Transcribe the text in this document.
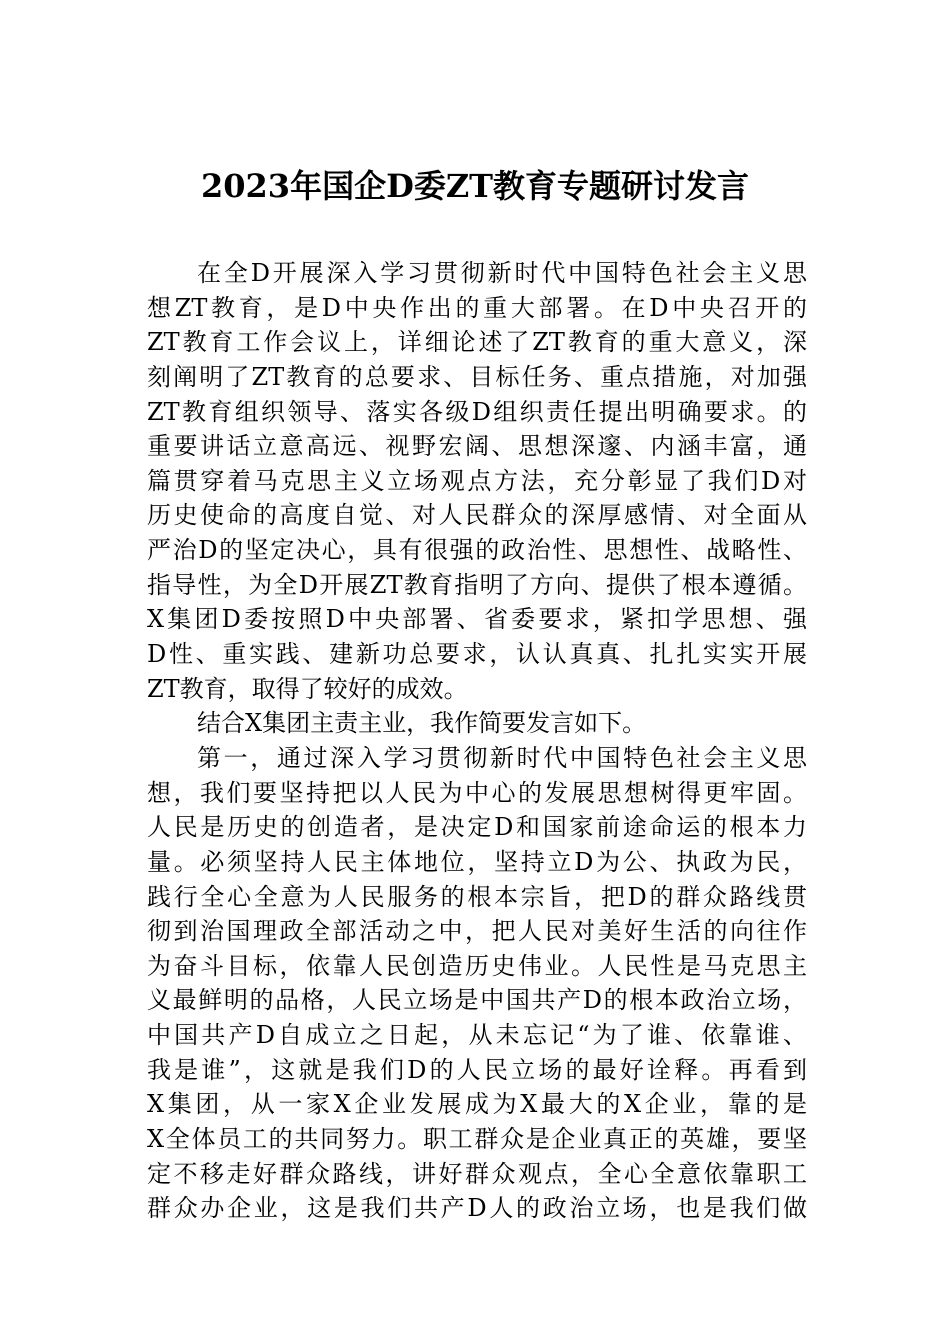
2023年国企D委ZT教育专题研讨发言
在全D开展深入学习贯彻新时代中国特色社会主义思
想ZT教育，是D中央作出的重大部署。在D中央召开的
ZT教育工作会议上，详细论述了ZT教育的重大意义，深
刻阐明了ZT教育的总要求、目标任务、重点措施，对加强
ZT教育组织领导、落实各级D组织责任提出明确要求。的
重要讲话立意高远、视野宏阔、思想深邃、内涵丰富，通
篇贯穿着马克思主义立场观点方法，充分彰显了我们D对
历史使命的高度自觉、对人民群众的深厚感情、对全面从
严治D的坚定决心，具有很强的政治性、思想性、战略性、
指导性，为全D开展ZT教育指明了方向、提供了根本遵循。
X集团D委按照D中央部署、省委要求，紧扣学思想、强
D性、重实践、建新功总要求，认认真真、扎扎实实开展
ZT教育，取得了较好的成效。
结合X集团主责主业，我作简要发言如下。
第一，通过深入学习贯彻新时代中国特色社会主义思
想，我们要坚持把以人民为中心的发展思想树得更牢固。
人民是历史的创造者，是决定D和国家前途命运的根本力
量。必须坚持人民主体地位，坚持立D为公、执政为民，
践行全心全意为人民服务的根本宗旨，把D的群众路线贯
彻到治国理政全部活动之中，把人民对美好生活的向往作
为奋斗目标，依靠人民创造历史伟业。人民性是马克思主
义最鲜明的品格，人民立场是中国共产D的根本政治立场，
中国共产D自成立之日起，从未忘记“为了谁、依靠谁、
我是谁”，这就是我们D的人民立场的最好诠释。再看到
X集团，从一家X企业发展成为X最大的X企业，靠的是
X全体员工的共同努力。职工群众是企业真正的英雄，要坚
定不移走好群众路线，讲好群众观点，全心全意依靠职工
群众办企业，这是我们共产D人的政治立场，也是我们做
